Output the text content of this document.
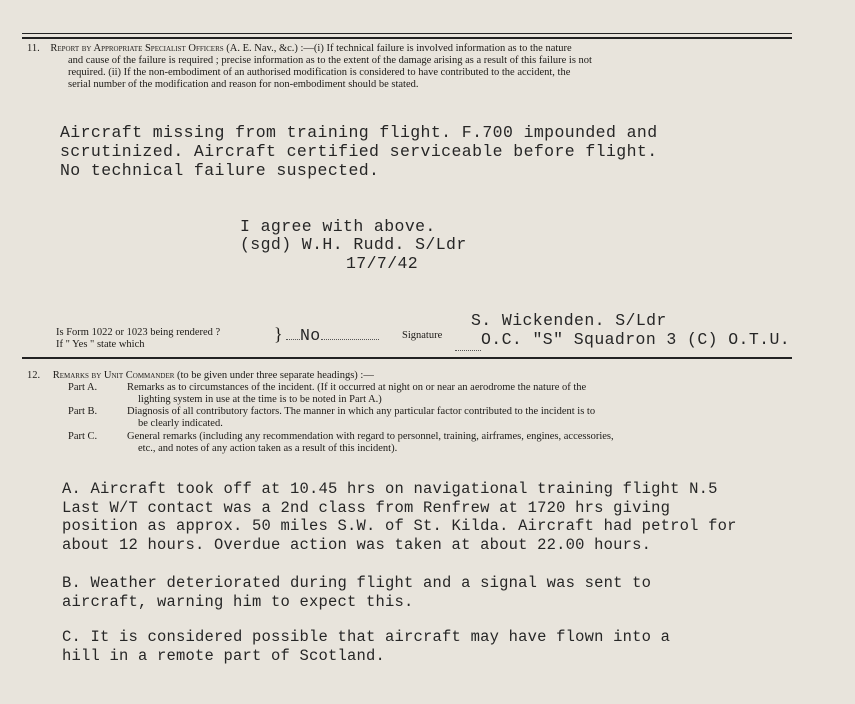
11. Report by Appropriate Specialist Officers (A. E. Nav., &c.) :—(i) If technical failure is involved information as to the nature
and cause of the failure is required ; precise information as to the extent of the damage arising as a result of this failure is not
required. (ii) If the non-embodiment of an authorised modification is considered to have contributed to the accident, the
serial number of the modification and reason for non-embodiment should be stated.
Aircraft missing from training flight. F.700 impounded and
scrutinized. Aircraft certified serviceable before flight.
No technical failure suspected.
I agree with above.
(sgd) W.H. Rudd. S/Ldr
17/7/42
S. Wickenden. S/Ldr
Is Form 1022 or 1023 being rendered ?
If " Yes " state which
}	No	Signature O.C. "S" Squadron 3 (C) O.T.U.
12. Remarks by Unit Commander (to be given under three separate headings) :—
Part A.	Remarks as to circumstances of the incident. (If it occurred at night on or near an aerodrome the nature of the
lighting system in use at the time is to be noted in Part A.)
Part B.	Diagnosis of all contributory factors. The manner in which any particular factor contributed to the incident is to
be clearly indicated.
Part C.	General remarks (including any recommendation with regard to personnel, training, airframes, engines, accessories,
etc., and notes of any action taken as a result of this incident).
A. Aircraft took off at 10.45 hrs on navigational training flight N.5
Last W/T contact was a 2nd class from Renfrew at 1720 hrs giving
position as approx. 50 miles S.W. of St. Kilda. Aircraft had petrol for
about 12 hours. Overdue action was taken at about 22.00 hours.
B. Weather deteriorated during flight and a signal was sent to
aircraft, warning him to expect this.
C. It is considered possible that aircraft may have flown into a
hill in a remote part of Scotland.
